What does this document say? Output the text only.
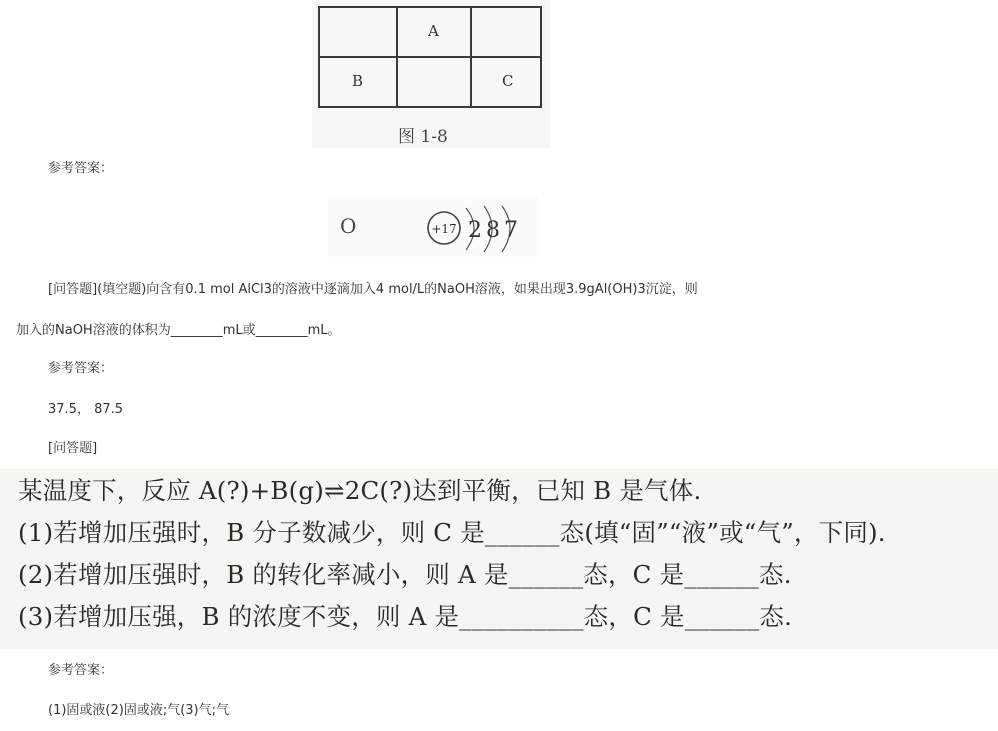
A
B	C
图 1-8
参考答案：
O	+17 2 8 7
[问答题](填空题)向含有0.1 mol AlCl3的溶液中逐滴加入4 mol/L的NaOH溶液，如果出现3.9gAl(OH)3沉淀，则
加入的NaOH溶液的体积为________mL或________mL。
参考答案：
37.5， 87.5
[问答题]
某温度下，反应 A(?)+B(g)⇌2C(?)达到平衡，已知 B 是气体.
(1)若增加压强时，B 分子数减少，则 C 是______态(填“固”“液”或“气”，下同).
(2)若增加压强时，B 的转化率减小，则 A 是______态，C 是______态.
(3)若增加压强，B 的浓度不变，则 A 是__________态，C 是______态.
参考答案：
(1)固或液(2)固或液;气(3)气;气
